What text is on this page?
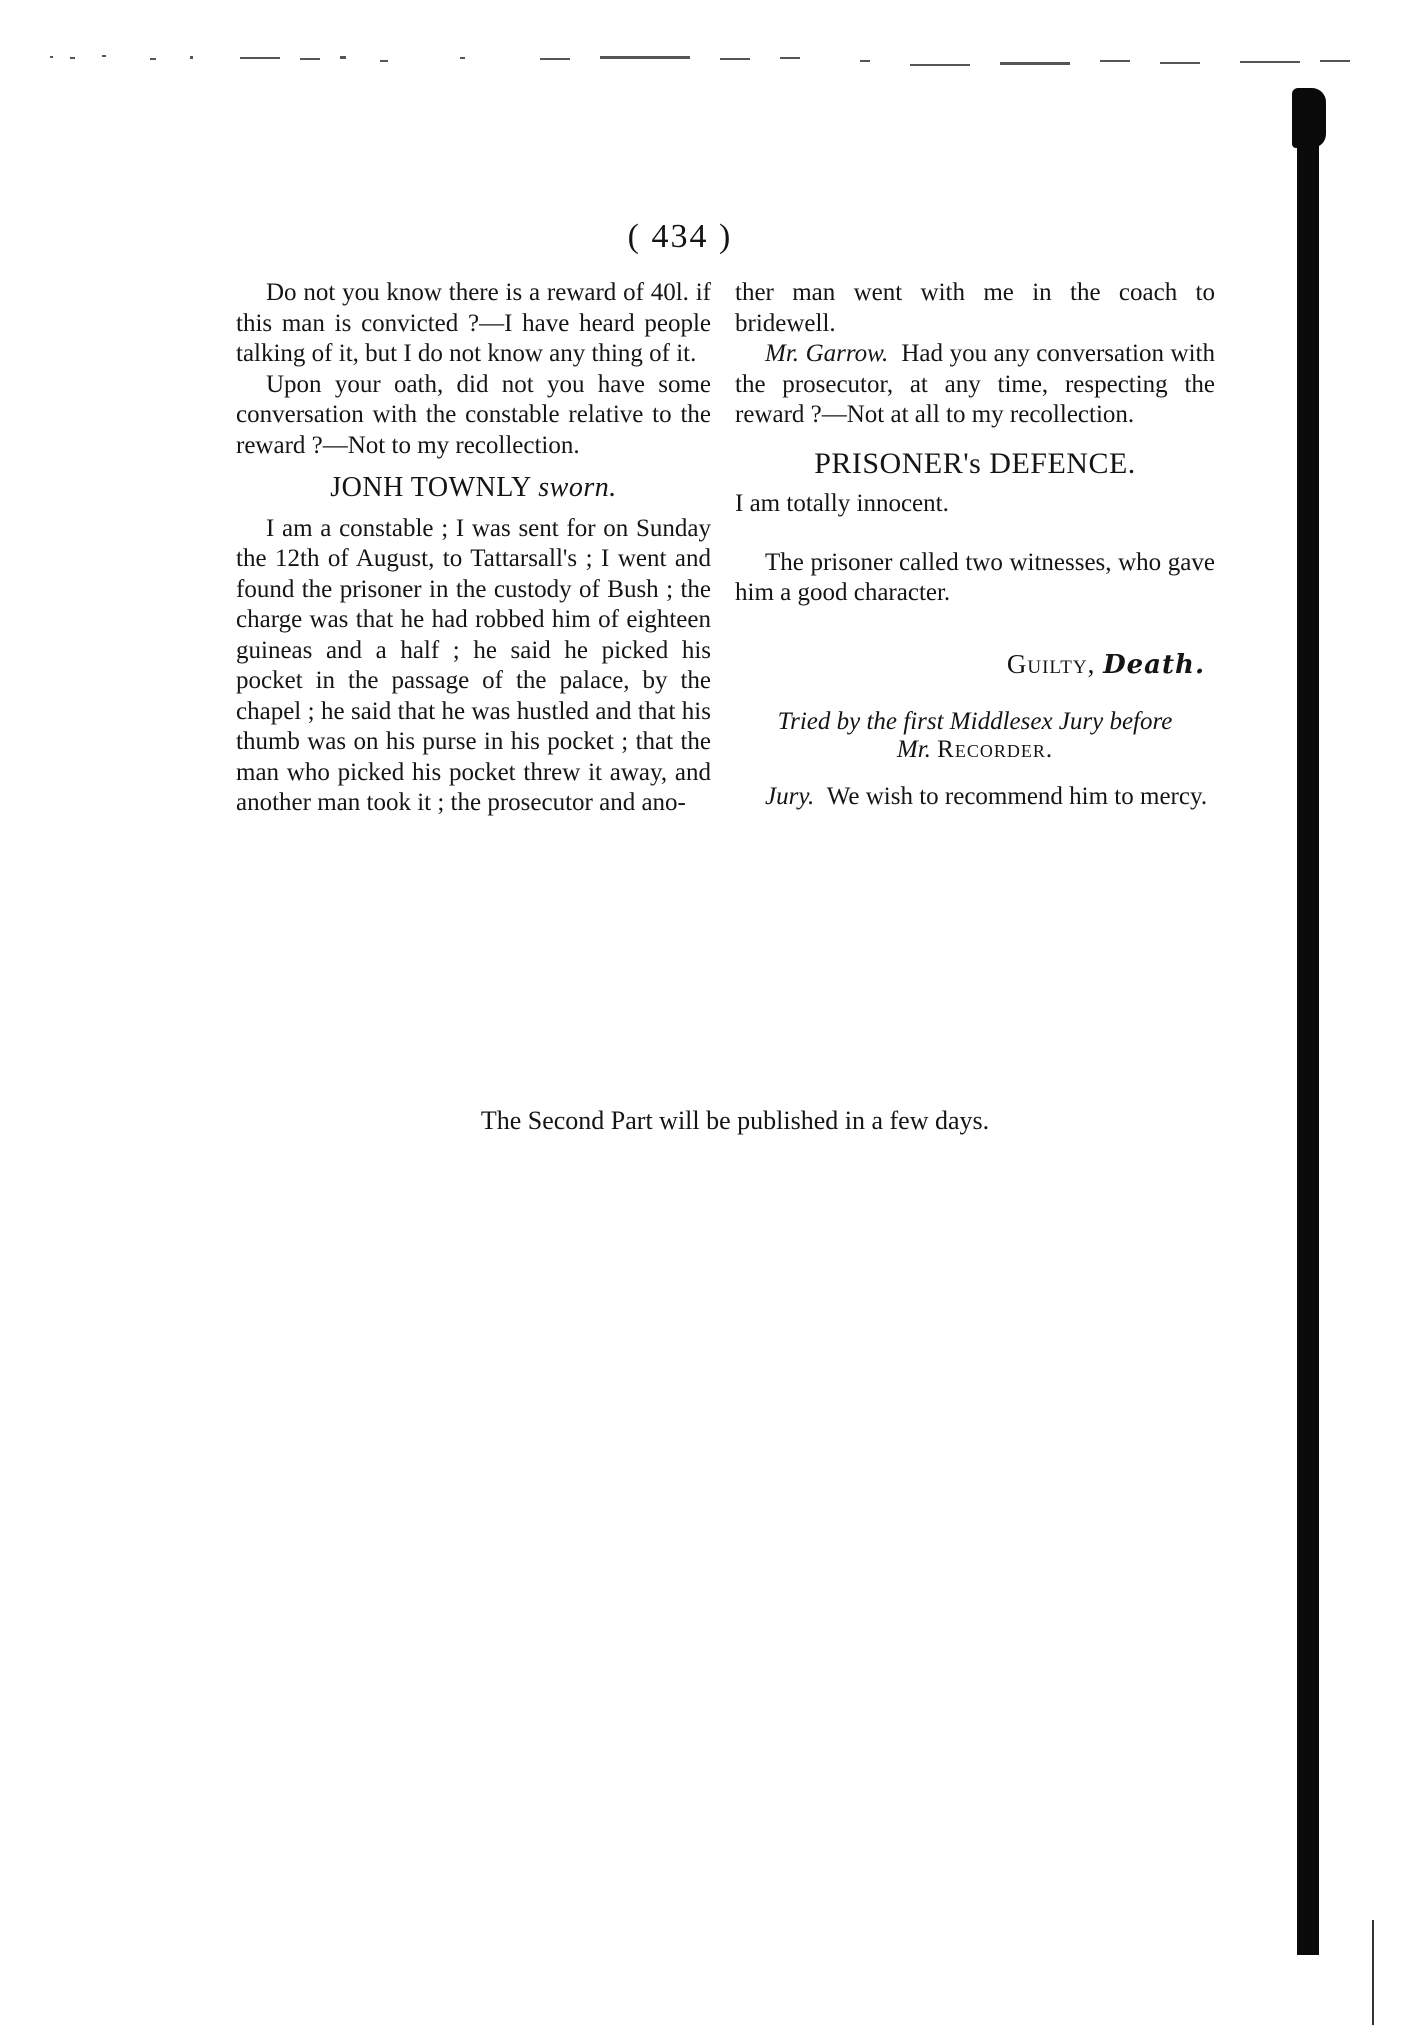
( 434 )

Do not you know there is a reward of 40l. if this man is convicted ?—I have heard people talking of it, but I do not know any thing of it.

Upon your oath, did not you have some conversation with the constable relative to the reward ?—Not to my recollection.

JONH TOWNLY sworn.

I am a constable ; I was sent for on Sunday the 12th of August, to Tattarsall's ; I went and found the prisoner in the custody of Bush ; the charge was that he had robbed him of eighteen guineas and a half ; he said he picked his pocket in the passage of the palace, by the chapel ; he said that he was hustled and that his thumb was on his purse in his pocket ; that the man who picked his pocket threw it away, and another man took it ; the prosecutor and ano-

ther man went with me in the coach to bridewell.

Mr. Garrow. Had you any conversation with the prosecutor, at any time, respecting the reward ?—Not at all to my recollection.

PRISONER's DEFENCE.

I am totally innocent.

The prisoner called two witnesses, who gave him a good character.

Guilty, Death.
Tried by the first Middlesex Jury before
Mr. Recorder.

Jury. We wish to recommend him to mercy.

The Second Part will be published in a few days.
